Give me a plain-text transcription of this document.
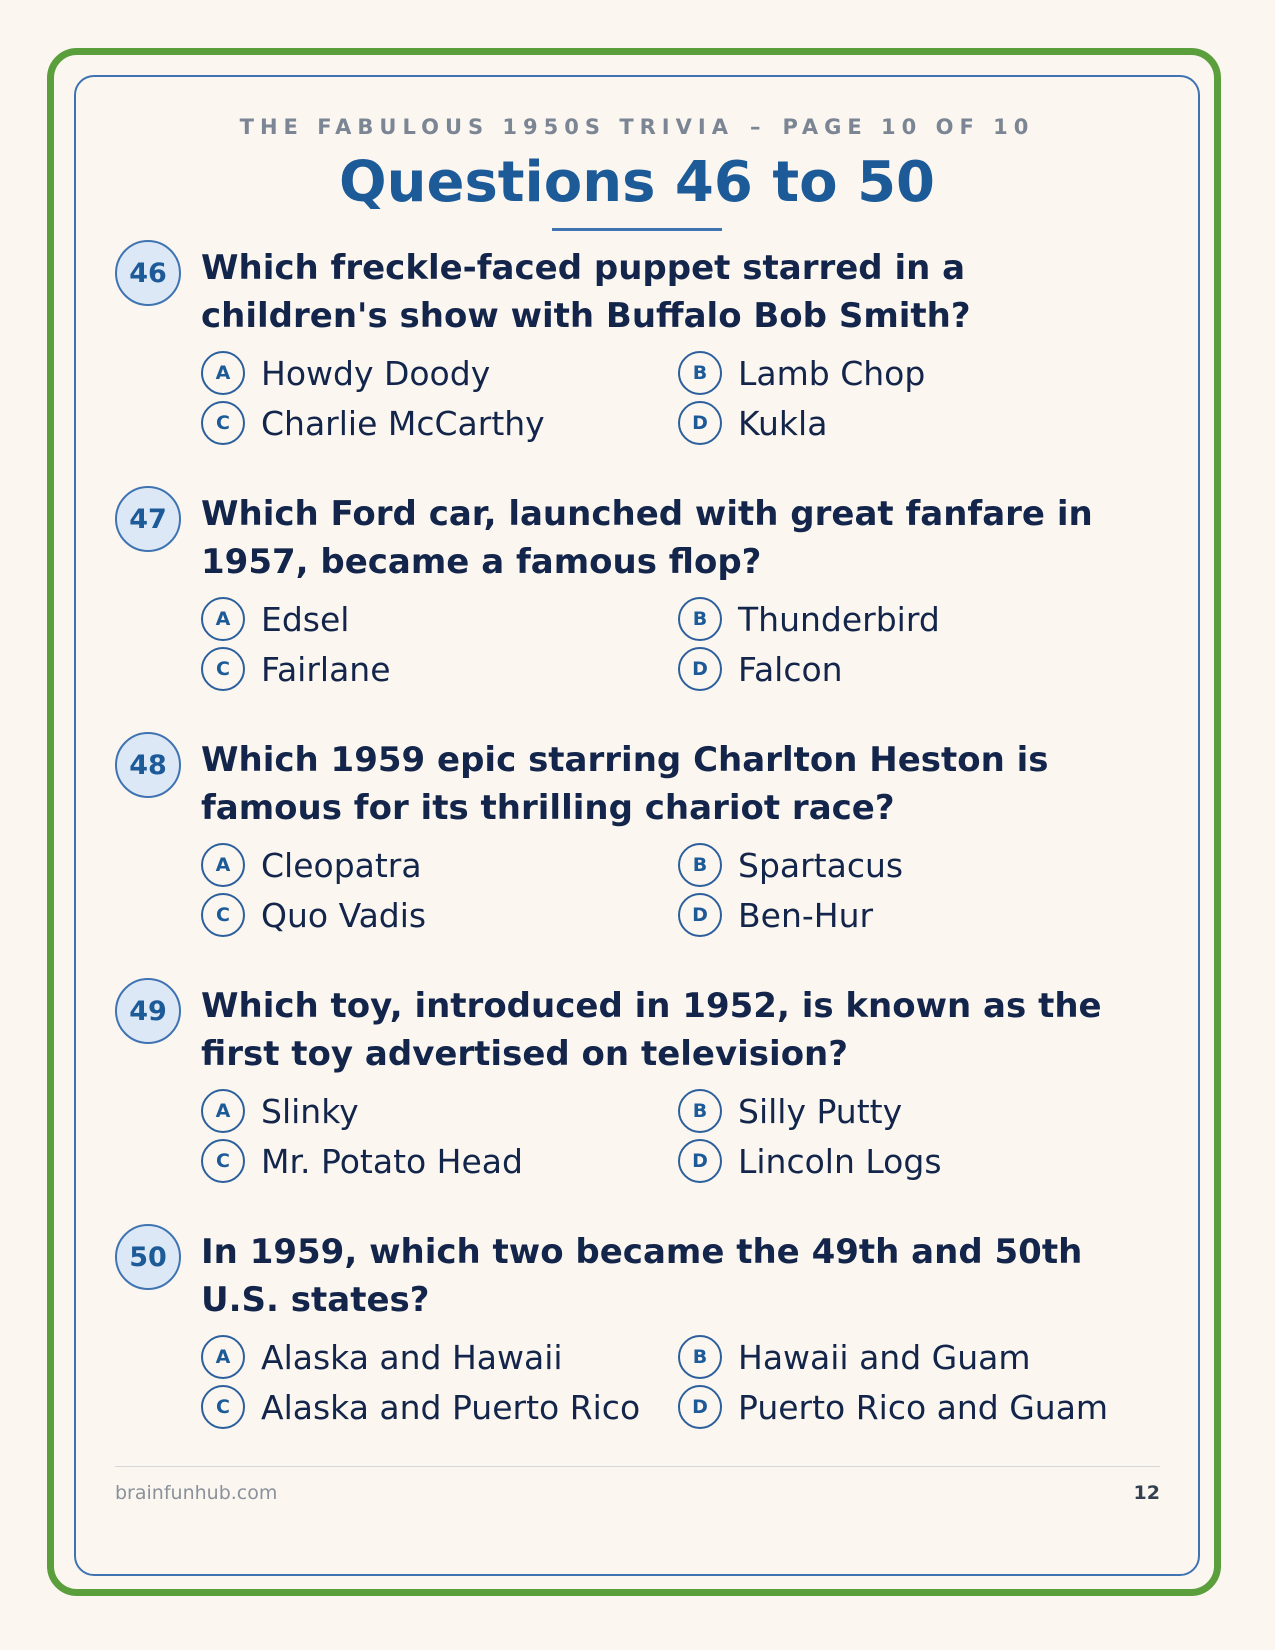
THE FABULOUS 1950S TRIVIA – PAGE 10 OF 10
Questions 46 to 50
46	Which freckle-faced puppet starred in a children's show with Buffalo Bob Smith?
A Howdy Doody	B Lamb Chop
C Charlie McCarthy	D Kukla
47	Which Ford car, launched with great fanfare in 1957, became a famous flop?
A Edsel	B Thunderbird
C Fairlane	D Falcon
48	Which 1959 epic starring Charlton Heston is famous for its thrilling chariot race?
A Cleopatra	B Spartacus
C Quo Vadis	D Ben-Hur
49	Which toy, introduced in 1952, is known as the first toy advertised on television?
A Slinky	B Silly Putty
C Mr. Potato Head	D Lincoln Logs
50	In 1959, which two became the 49th and 50th U.S. states?
A Alaska and Hawaii	B Hawaii and Guam
C Alaska and Puerto Rico	D Puerto Rico and Guam
brainfunhub.com	12
